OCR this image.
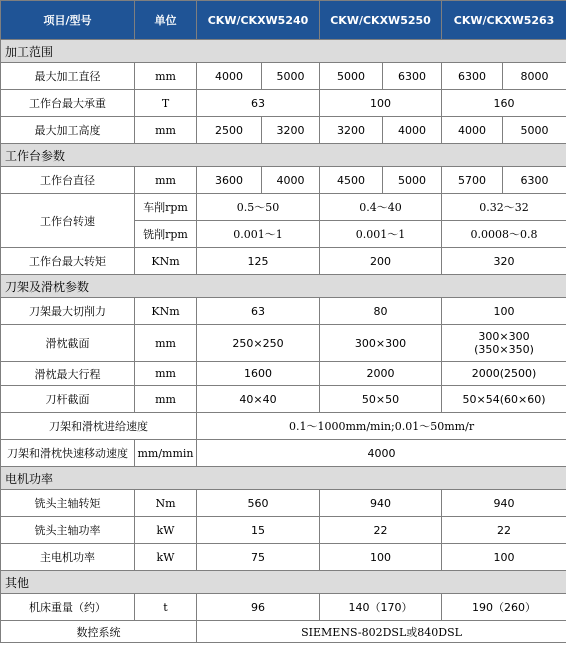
项目/型号	单位	CKW/CKXW5240		CKW/CKXW5250		CKW/CKXW5263	
加工范围							
最大加工直径	mm	4000	5000	5000	6300	6300	8000
工作台最大承重	T	63		100		160	
最大加工高度	mm	2500	3200	3200	4000	4000	5000
工作台参数							
工作台直径	mm	3600	4000	4500	5000	5700	6300
工作台转速	车削rpm	0.5～50		0.4～40		0.32～32	
	铣削rpm	0.001～1		0.001～1		0.0008～0.8	
工作台最大转矩	KNm	125		200		320	
刀架及滑枕参数							
刀架最大切削力	KNm	63		80		100	
滑枕截面	mm	250×250		300×300		300×300
(350×350)	

滑枕最大行程	mm	1600		2000		2000(2500)	
刀杆截面	mm	40×40		50×50		50×54(60×60)	
刀架和滑枕进给速度		0.1～1000mm/min;0.01～50mm/r					
刀架和滑枕快速移动速度	mm/mmin	4000					
电机功率							
铣头主轴转矩	Nm	560		940		940	
铣头主轴功率	kW	15		22		22	
主电机功率	kW	75		100		100	
其他							
机床重量（约）	t	96		140（170）		190（260）	
数控系统		SIEMENS-802DSL或840DSL					
